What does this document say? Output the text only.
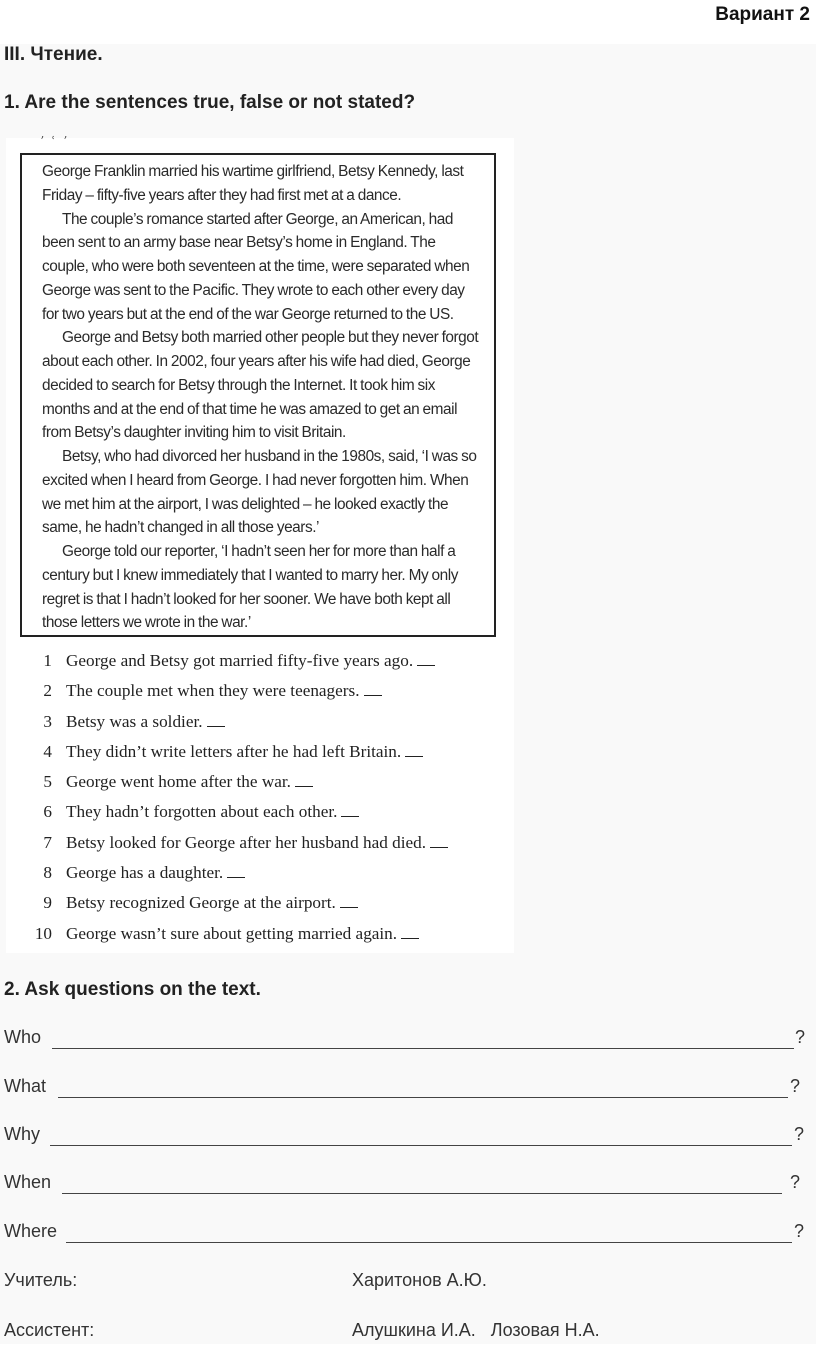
Вариант 2
III. Чтение.
1. Are the sentences true, false or not stated?
ʼ ʿ ʼ

George Franklin married his wartime girlfriend, Betsy Kennedy, last Friday – fifty-five years after they had first met at a dance.

The couple’s romance started after George, an American, had been sent to an army base near Betsy’s home in England. The couple, who were both seventeen at the time, were separated when George was sent to the Pacific. They wrote to each other every day for two years but at the end of the war George returned to the US.

George and Betsy both married other people but they never forgot about each other. In 2002, four years after his wife had died, George decided to search for Betsy through the Internet. It took him six months and at the end of that time he was amazed to get an email from Betsy’s daughter inviting him to visit Britain.

Betsy, who had divorced her husband in the 1980s, said, ‘I was so excited when I heard from George. I had never forgotten him. When we met him at the airport, I was delighted – he looked exactly the same, he hadn’t changed in all those years.’

George told our reporter, ‘I hadn’t seen her for more than half a century but I knew immediately that I wanted to marry her. My only regret is that I hadn’t looked for her sooner. We have both kept all those letters we wrote in the war.’

1 George and Betsy got married fifty-five years ago.
2 The couple met when they were teenagers.
3 Betsy was a soldier.
4 They didn’t write letters after he had left Britain.
5 George went home after the war.
6 They hadn’t forgotten about each other.
7 Betsy looked for George after her husband had died.
8 George has a daughter.
9 Betsy recognized George at the airport.
10 George wasn’t sure about getting married again.
2. Ask questions on the text.
Who	?
What	?
Why	?
When	?
Where	?
Учитель:	Харитонов А.Ю.
Ассистент:	Алушкина И.А.   Лозовая Н.А.
